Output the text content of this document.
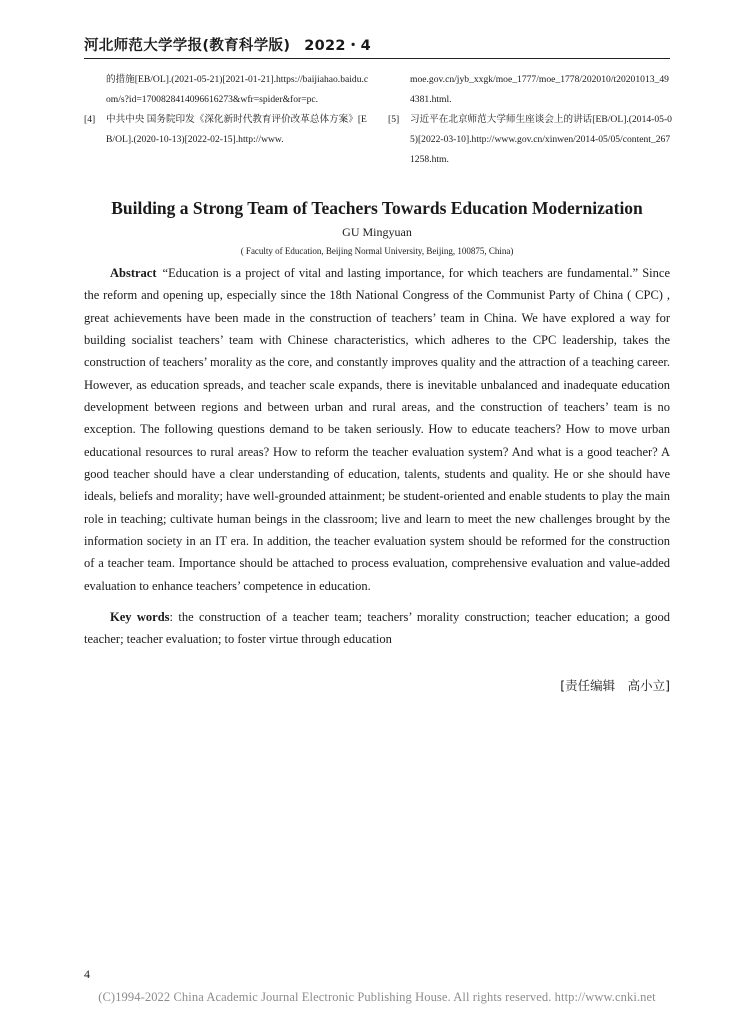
河北师范大学学报(教育科学版) 2022・4
的措施[EB/OL].(2021-05-21)[2021-01-21].https://baijiahao.baidu.com/s?id=1700828414096616273&wfr=spider&for=pc.
[4]	中共中央 国务院印发《深化新时代教育评价改革总体方案》[EB/OL].(2020-10-13)[2022-02-15].http://www.
moe.gov.cn/jyb_xxgk/moe_1777/moe_1778/202010/t20201013_494381.html.
[5]	习近平在北京师范大学师生座谈会上的讲话[EB/OL].(2014-05-05)[2022-03-10].http://www.gov.cn/xinwen/2014-05/05/content_2671258.htm.
Building a Strong Team of Teachers Towards Education Modernization
GU Mingyuan
( Faculty of Education, Beijing Normal University, Beijing, 100875, China)

Abstract “Education is a project of vital and lasting importance, for which teachers are fundamental.” Since the reform and opening up, especially since the 18th National Congress of the Communist Party of China ( CPC) , great achievements have been made in the construction of teachers’ team in China. We have explored a way for building socialist teachers’ team with Chinese characteristics, which adheres to the CPC leadership, takes the construction of teachers’ morality as the core, and constantly improves quality and the attraction of a teaching career. However, as education spreads, and teacher scale expands, there is inevitable unbalanced and inadequate education development between regions and between urban and rural areas, and the construction of teachers’ team is no exception. The following questions demand to be taken seriously. How to educate teachers? How to move urban educational resources to rural areas? How to reform the teacher evaluation system? And what is a good teacher? A good teacher should have a clear understanding of education, talents, students and quality. He or she should have ideals, beliefs and morality; have well-grounded attainment; be student-oriented and enable students to play the main role in teaching; cultivate human beings in the classroom; live and learn to meet the new challenges brought by the information society in an IT era. In addition, the teacher evaluation system should be reformed for the construction of a teacher team. Importance should be attached to process evaluation, comprehensive evaluation and value-added evaluation to enhance teachers’ competence in education.

Key words: the construction of a teacher team; teachers’ morality construction; teacher education; a good teacher; teacher evaluation; to foster virtue through education

[责任编辑　高小立]
4
(C)1994-2022 China Academic Journal Electronic Publishing House. All rights reserved. http://www.cnki.net
